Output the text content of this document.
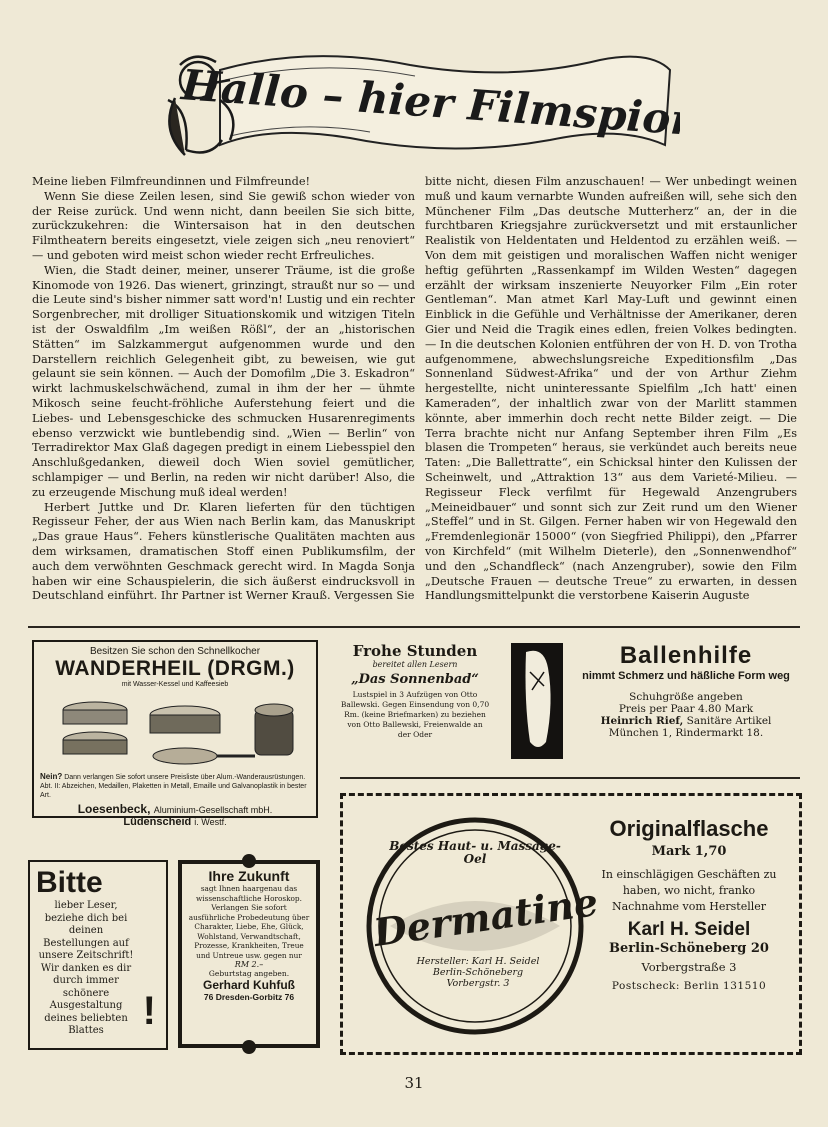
Hallo – hier Filmspion!

Meine lieben Filmfreundinnen und Filmfreunde!

Wenn Sie diese Zeilen lesen, sind Sie gewiß schon wieder von der Reise zurück. Und wenn nicht, dann beeilen Sie sich bitte, zurückzukehren: die Wintersaison hat in den deutschen Filmtheatern bereits eingesetzt, viele zeigen sich „neu renoviert“ — und geboten wird meist schon wieder recht Erfreuliches.

Wien, die Stadt deiner, meiner, unserer Träume, ist die große Kinomode von 1926. Das wienert, grinzingt, straußt nur so — und die Leute sind's bisher nimmer satt word'n! Lustig und ein rechter Sorgenbrecher, mit drolliger Situationskomik und witzigen Titeln ist der Oswaldfilm „Im weißen Rößl“, der an „historischen Stätten“ im Salzkammergut aufgenommen wurde und den Darstellern reichlich Gelegenheit gibt, zu beweisen, wie gut gelaunt sie sein können. — Auch der Domofilm „Die 3. Eskadron“ wirkt lachmuskelschwächend, zumal in ihm der her — ühmte Mikosch seine feucht-fröhliche Auferstehung feiert und die Liebes- und Lebensgeschicke des schmucken Husarenregiments ebenso verzwickt wie buntlebendig sind. „Wien — Berlin“ von Terradirektor Max Glaß dagegen predigt in einem Liebesspiel den Anschlußgedanken, dieweil doch Wien soviel gemütlicher, schlampiger — und Berlin, na reden wir nicht darüber! Also, die zu erzeugende Mischung muß ideal werden!

Herbert Juttke und Dr. Klaren lieferten für den tüchtigen Regisseur Feher, der aus Wien nach Berlin kam, das Manuskript „Das graue Haus“. Fehers künstlerische Qualitäten machten aus dem wirksamen, dramatischen Stoff einen Publikumsfilm, der auch dem verwöhnten Geschmack gerecht wird. In Magda Sonja haben wir eine Schauspielerin, die sich äußerst eindrucksvoll in Deutschland einführt. Ihr Partner ist Werner Krauß. Vergessen Sie

bitte nicht, diesen Film anzuschauen! — Wer unbedingt weinen muß und kaum vernarbte Wunden aufreißen will, sehe sich den Münchener Film „Das deutsche Mutterherz“ an, der in die furchtbaren Kriegsjahre zurückversetzt und mit erstaunlicher Realistik von Heldentaten und Heldentod zu erzählen weiß. — Von dem mit geistigen und moralischen Waffen nicht weniger heftig geführten „Rassenkampf im Wilden Westen“ dagegen erzählt der wirksam inszenierte Neuyorker Film „Ein roter Gentleman“. Man atmet Karl May-Luft und gewinnt einen Einblick in die Gefühle und Verhältnisse der Amerikaner, deren Gier und Neid die Tragik eines edlen, freien Volkes bedingten. — In die deutschen Kolonien entführen der von H. D. von Trotha aufgenommene, abwechslungsreiche Expeditionsfilm „Das Sonnenland Südwest-Afrika“ und der von Arthur Ziehm hergestellte, nicht uninteressante Spielfilm „Ich hatt' einen Kameraden“, der inhaltlich zwar von der Marlitt stammen könnte, aber immerhin doch recht nette Bilder zeigt. — Die Terra brachte nicht nur Anfang September ihren Film „Es blasen die Trompeten“ heraus, sie verkündet auch bereits neue Taten: „Die Ballettratte“, ein Schicksal hinter den Kulissen der Scheinwelt, und „Attraktion 13“ aus dem Varieté-Milieu. — Regisseur Fleck verfilmt für Hegewald Anzengrubers „Meineidbauer“ und sonnt sich zur Zeit rund um den Wiener „Steffel“ und in St. Gilgen. Ferner haben wir von Hegewald den „Fremdenlegionär 15000“ (von Siegfried Philippi), den „Pfarrer von Kirchfeld“ (mit Wilhelm Dieterle), den „Sonnenwendhof“ und den „Schandfleck“ (nach Anzengruber), sowie den Film „Deutsche Frauen — deutsche Treue“ zu erwarten, in dessen Handlungsmittelpunkt die verstorbene Kaiserin Auguste

Besitzen Sie schon den Schnellkocher
WANDERHEIL (DRGM.)
mit Wasser-Kessel und Kaffeesieb
Nein? Dann verlangen Sie sofort unsere Preisliste über Alum.-Wanderausrüstungen. Abt. II: Abzeichen, Medaillen, Plaketten in Metall, Emaille und Galvanoplastik in bester Art.
Loesenbeck, Aluminium-Gesellschaft mbH.
Lüdenscheid i. Westf.
Frohe Stunden
bereitet allen Lesern
„Das Sonnenbad“
Lustspiel in 3 Aufzügen von Otto Ballewski. Gegen Einsendung von 0,70 Rm. (keine Briefmarken) zu beziehen von Otto Ballewski, Freienwalde an der Oder
Ballenhilfe
nimmt Schmerz und häßliche Form weg
Schuhgröße angeben
Preis per Paar 4.80 Mark
Heinrich Rief, Sanitäre Artikel
München 1, Rindermarkt 18.
Bitte
lieber Leser, beziehe dich bei deinen Bestellungen auf unsere Zeitschrift! Wir danken es dir durch immer schönere Ausgestaltung deines beliebten Blattes !
Ihre Zukunft
sagt Ihnen haargenau das wissenschaftliche Horoskop. Verlangen Sie sofort ausführliche Probedeutung über Charakter, Liebe, Ehe, Glück, Wohlstand, Verwandtschaft, Prozesse, Krankheiten, Treue und Untreue usw. gegen nur
RM 2.–
Geburtstag angeben.
Gerhard Kuhfuß
76 Dresden-Gorbitz 76
Bestes Haut- u. Massage-Oel
Dermatine
Hersteller: Karl H. Seidel
Berlin-Schöneberg
Vorbergstr. 3
Originalflasche
Mark 1,70
In einschlägigen Geschäften zu haben, wo nicht, franko Nachnahme vom Hersteller
Karl H. Seidel
Berlin-Schöneberg 20
Vorbergstraße 3
Postscheck: Berlin 131510
31
